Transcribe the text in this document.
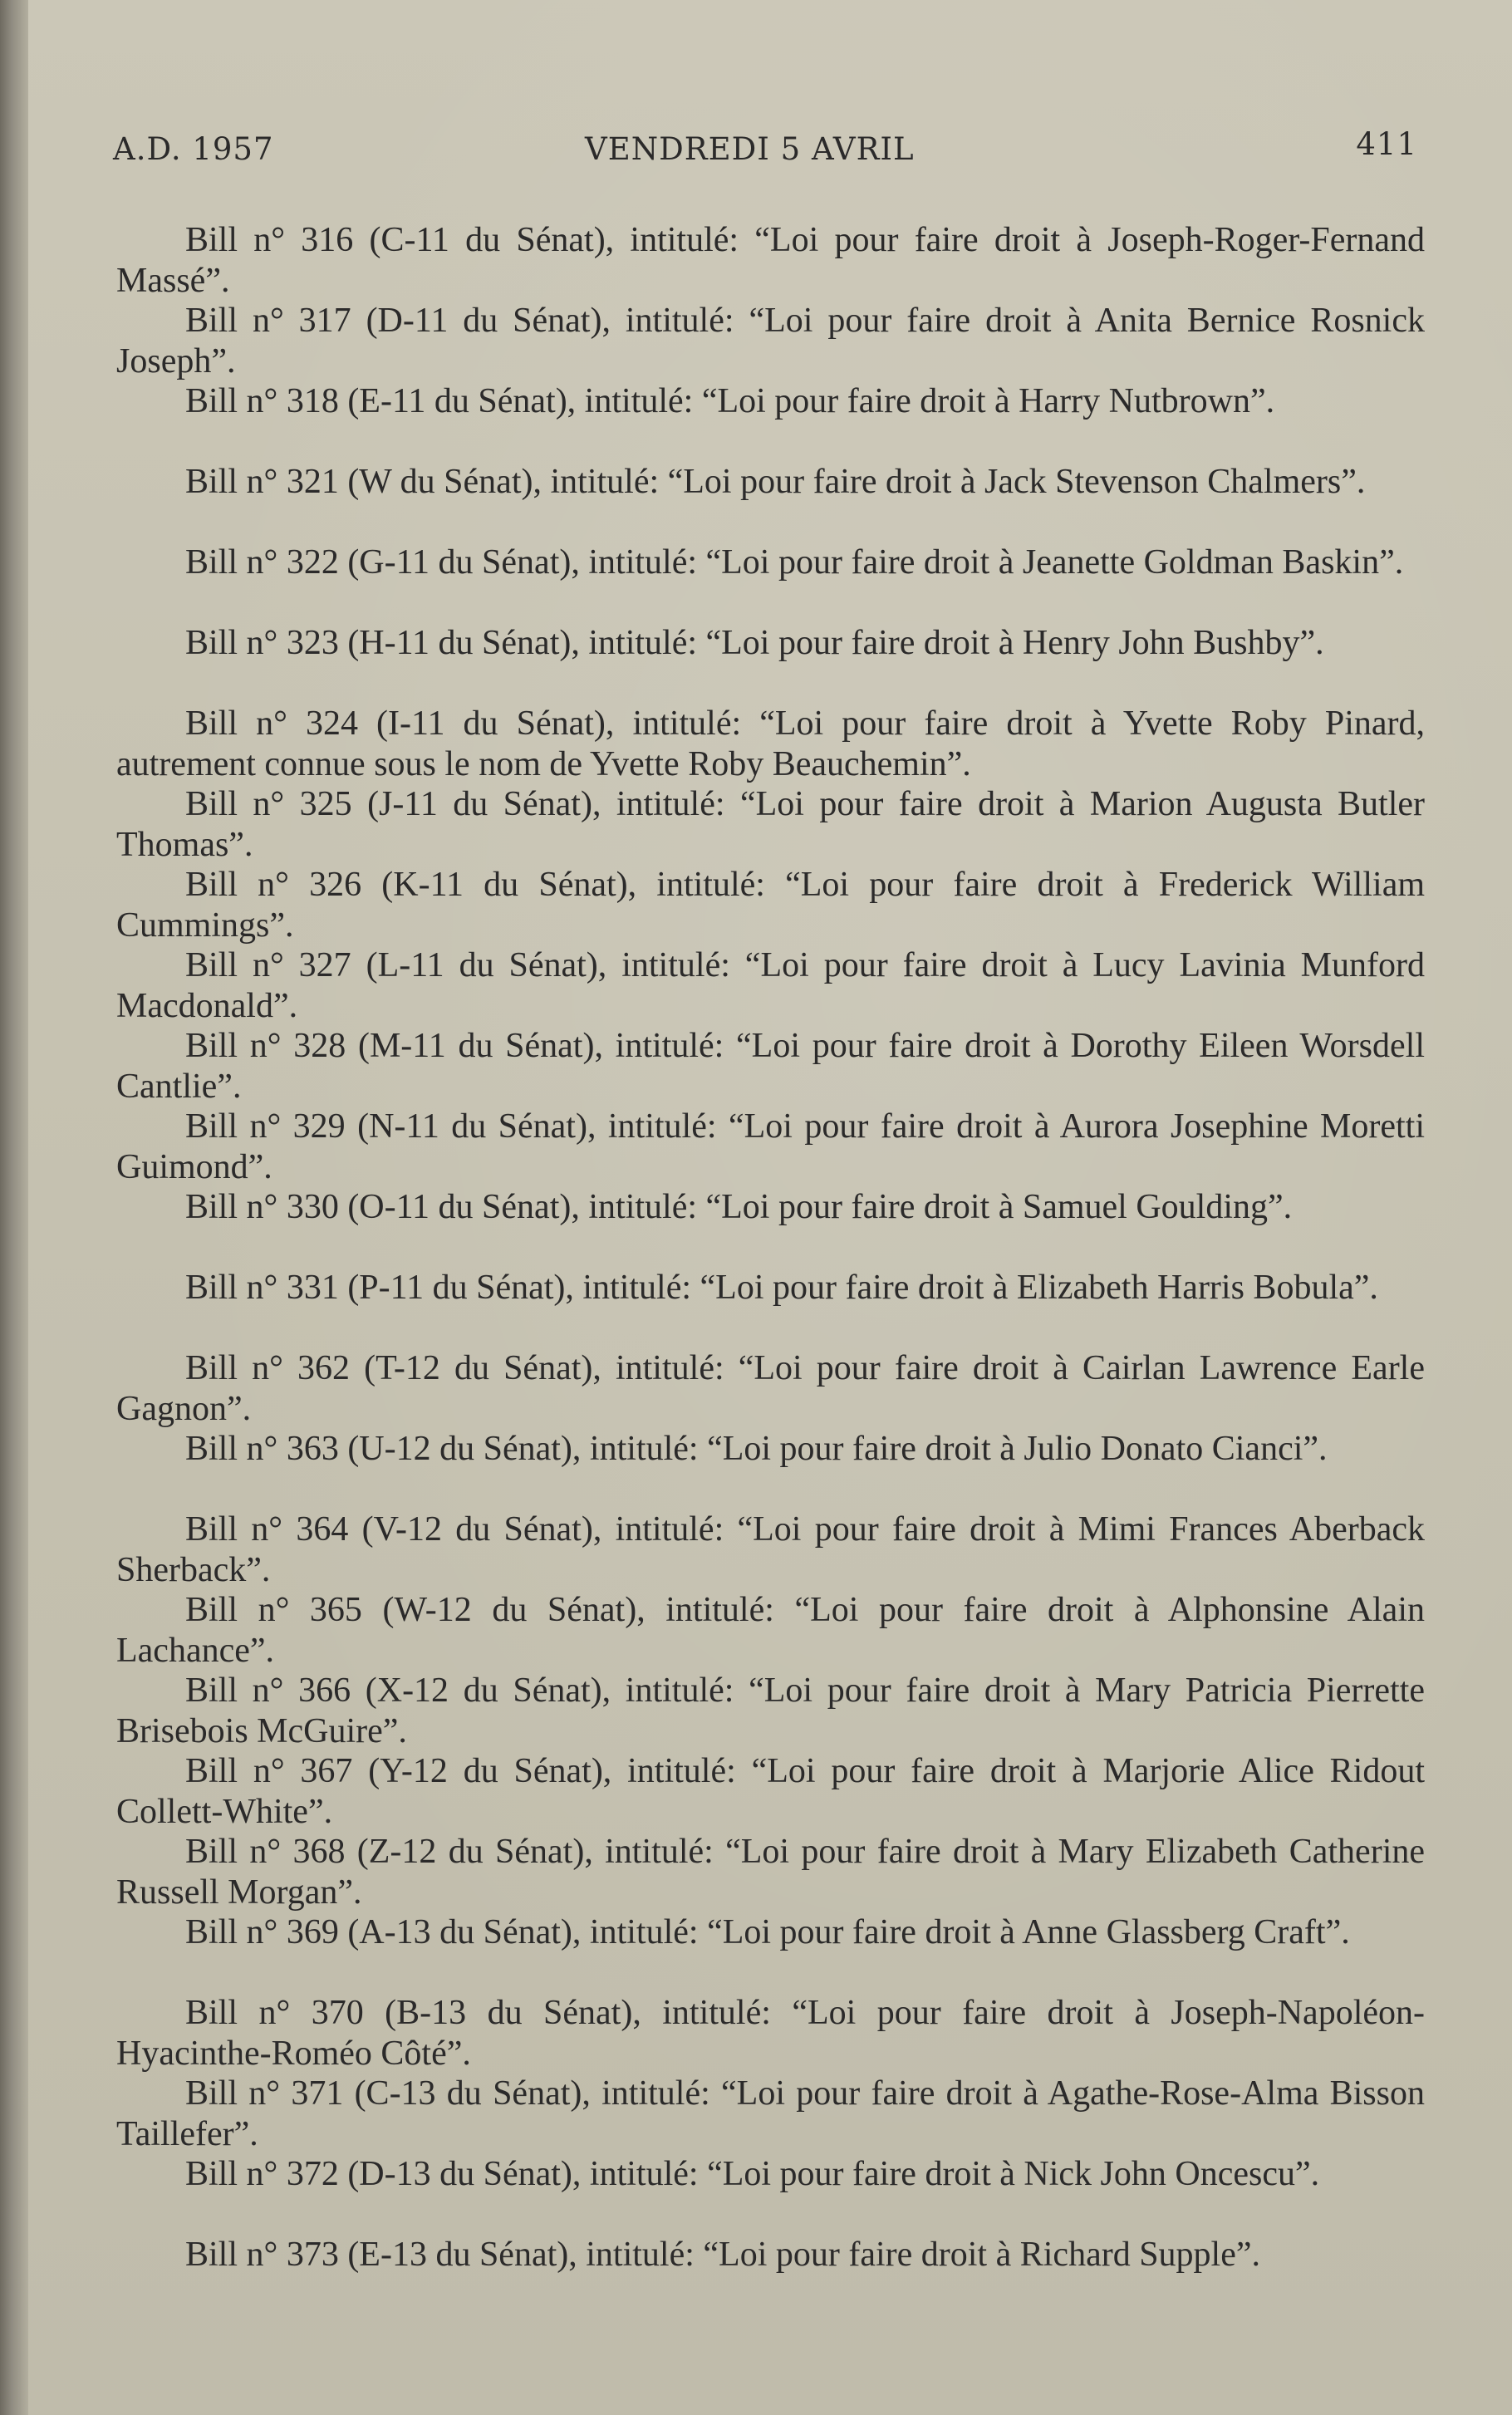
A.D. 1957	VENDREDI 5 AVRIL	411

Bill n° 316 (C-11 du Sénat), intitulé: “Loi pour faire droit à Joseph-Roger-Fernand Massé”.

Bill n° 317 (D-11 du Sénat), intitulé: “Loi pour faire droit à Anita Bernice Rosnick Joseph”.

Bill n° 318 (E-11 du Sénat), intitulé: “Loi pour faire droit à Harry Nutbrown”.

Bill n° 321 (W du Sénat), intitulé: “Loi pour faire droit à Jack Stevenson Chalmers”.

Bill n° 322 (G-11 du Sénat), intitulé: “Loi pour faire droit à Jeanette Goldman Baskin”.

Bill n° 323 (H-11 du Sénat), intitulé: “Loi pour faire droit à Henry John Bushby”.

Bill n° 324 (I-11 du Sénat), intitulé: “Loi pour faire droit à Yvette Roby Pinard, autrement connue sous le nom de Yvette Roby Beauchemin”.

Bill n° 325 (J-11 du Sénat), intitulé: “Loi pour faire droit à Marion Augusta Butler Thomas”.

Bill n° 326 (K-11 du Sénat), intitulé: “Loi pour faire droit à Frederick William Cummings”.

Bill n° 327 (L-11 du Sénat), intitulé: “Loi pour faire droit à Lucy Lavinia Munford Macdonald”.

Bill n° 328 (M-11 du Sénat), intitulé: “Loi pour faire droit à Dorothy Eileen Worsdell Cantlie”.

Bill n° 329 (N-11 du Sénat), intitulé: “Loi pour faire droit à Aurora Josephine Moretti Guimond”.

Bill n° 330 (O-11 du Sénat), intitulé: “Loi pour faire droit à Samuel Goulding”.

Bill n° 331 (P-11 du Sénat), intitulé: “Loi pour faire droit à Elizabeth Harris Bobula”.

Bill n° 362 (T-12 du Sénat), intitulé: “Loi pour faire droit à Cairlan Lawrence Earle Gagnon”.

Bill n° 363 (U-12 du Sénat), intitulé: “Loi pour faire droit à Julio Donato Cianci”.

Bill n° 364 (V-12 du Sénat), intitulé: “Loi pour faire droit à Mimi Frances Aberback Sherback”.

Bill n° 365 (W-12 du Sénat), intitulé: “Loi pour faire droit à Alphonsine Alain Lachance”.

Bill n° 366 (X-12 du Sénat), intitulé: “Loi pour faire droit à Mary Patricia Pierrette Brisebois McGuire”.

Bill n° 367 (Y-12 du Sénat), intitulé: “Loi pour faire droit à Marjorie Alice Ridout Collett-White”.

Bill n° 368 (Z-12 du Sénat), intitulé: “Loi pour faire droit à Mary Elizabeth Catherine Russell Morgan”.

Bill n° 369 (A-13 du Sénat), intitulé: “Loi pour faire droit à Anne Glassberg Craft”.

Bill n° 370 (B-13 du Sénat), intitulé: “Loi pour faire droit à Joseph-Napoléon-Hyacinthe-Roméo Côté”.

Bill n° 371 (C-13 du Sénat), intitulé: “Loi pour faire droit à Agathe-Rose-Alma Bisson Taillefer”.

Bill n° 372 (D-13 du Sénat), intitulé: “Loi pour faire droit à Nick John Oncescu”.

Bill n° 373 (E-13 du Sénat), intitulé: “Loi pour faire droit à Richard Supple”.
